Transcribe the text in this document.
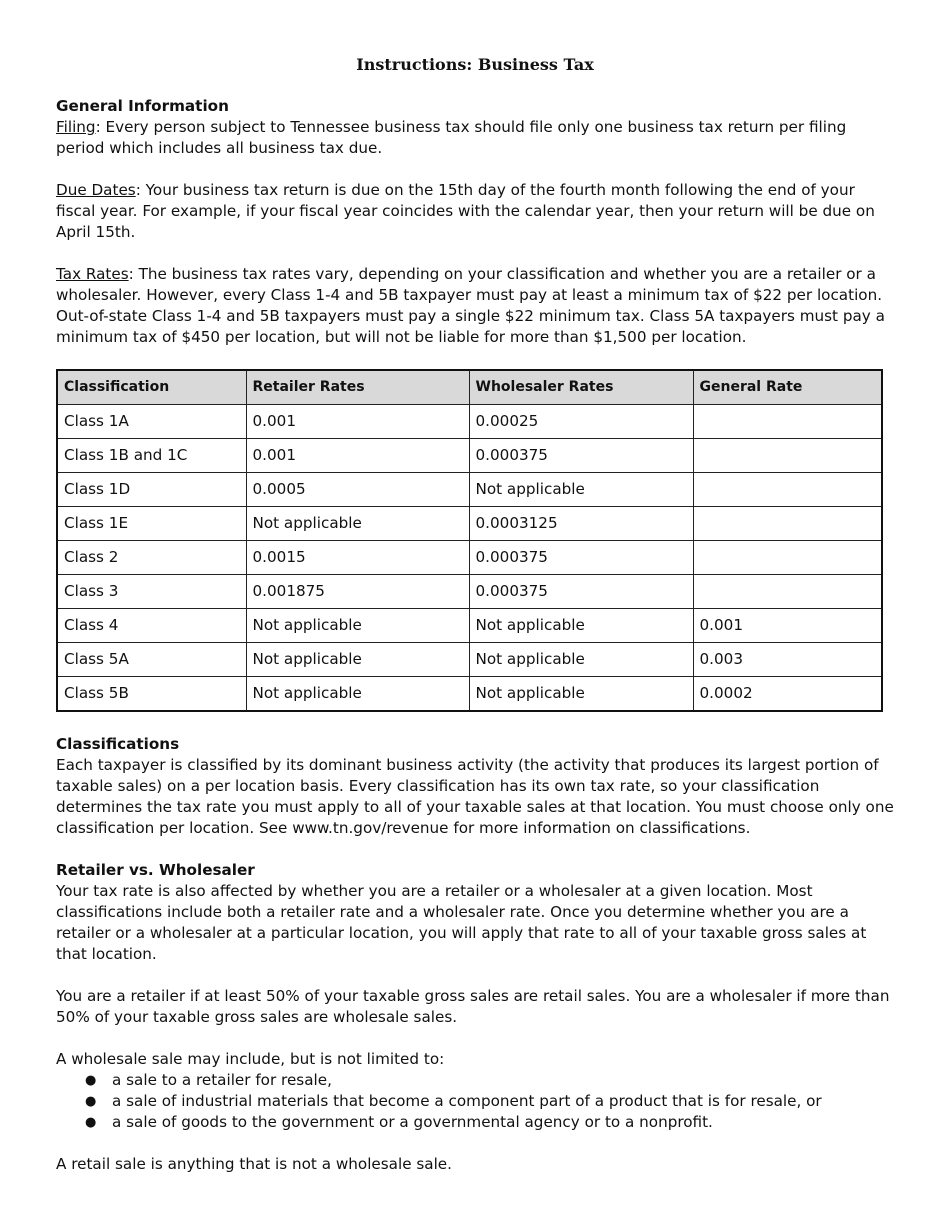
Instructions: Business Tax
General Information

Filing: Every person subject to Tennessee business tax should file only one business tax return per filing period which includes all business tax due.

Due Dates: Your business tax return is due on the 15th day of the fourth month following the end of your fiscal year. For example, if your fiscal year coincides with the calendar year, then your return will be due on April 15th.

Tax Rates: The business tax rates vary, depending on your classification and whether you are a retailer or a wholesaler. However, every Class 1-4 and 5B taxpayer must pay at least a minimum tax of $22 per location. Out-of-state Class 1-4 and 5B taxpayers must pay a single $22 minimum tax. Class 5A taxpayers must pay a minimum tax of $450 per location, but will not be liable for more than $1,500 per location.

Classification	Retailer Rates	Wholesaler Rates	General Rate
Class 1A	0.001	0.00025	
Class 1B and 1C	0.001	0.000375	
Class 1D	0.0005	Not applicable	
Class 1E	Not applicable	0.0003125	
Class 2	0.0015	0.000375	
Class 3	0.001875	0.000375	
Class 4	Not applicable	Not applicable	0.001
Class 5A	Not applicable	Not applicable	0.003
Class 5B	Not applicable	Not applicable	0.0002
Classifications

Each taxpayer is classified by its dominant business activity (the activity that produces its largest portion of taxable sales) on a per location basis. Every classification has its own tax rate, so your classification determines the tax rate you must apply to all of your taxable sales at that location. You must choose only one classification per location. See www.tn.gov/revenue for more information on classifications.

Retailer vs. Wholesaler

Your tax rate is also affected by whether you are a retailer or a wholesaler at a given location. Most classifications include both a retailer rate and a wholesaler rate. Once you determine whether you are a retailer or a wholesaler at a particular location, you will apply that rate to all of your taxable gross sales at that location.

You are a retailer if at least 50% of your taxable gross sales are retail sales. You are a wholesaler if more than 50% of your taxable gross sales are wholesale sales.

A wholesale sale may include, but is not limited to:

● a sale to a retailer for resale,
● a sale of industrial materials that become a component part of a product that is for resale, or
● a sale of goods to the government or a governmental agency or to a nonprofit.

A retail sale is anything that is not a wholesale sale.
